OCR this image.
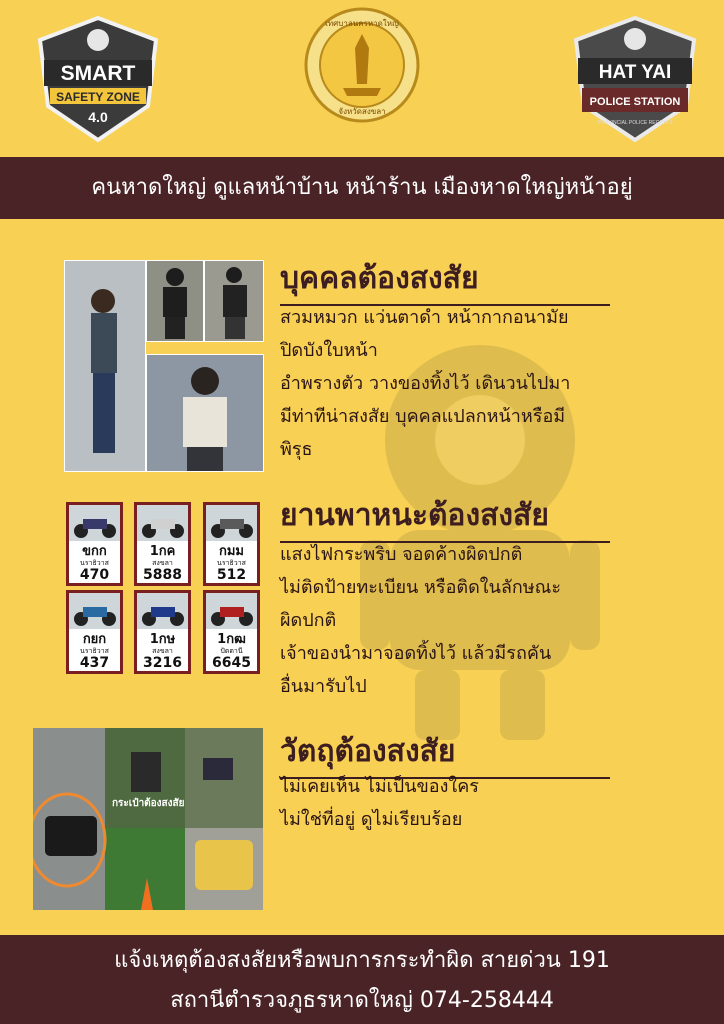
SMART
SAFETY ZONE
4.0
เทศบาลนครหาดใหญ่
จังหวัดสงขลา
HAT YAI
POLICE STATION
PROVINCIAL POLICE REGION 9
คนหาดใหญ่ ดูแลหน้าบ้าน หน้าร้าน เมืองหาดใหญ่หน้าอยู่
บุคคลต้องสงสัย
สวมหมวก แว่นตาดำ หน้ากากอนามัย
ปิดบังใบหน้า
อำพรางตัว วางของทิ้งไว้ เดินวนไปมา
มีท่าทีน่าสงสัย บุคคลแปลกหน้าหรือมี
พิรุธ
ขกก
นราธิวาส
470
1กค
สงขลา
5888
กมม
นราธิวาส
512
กยก
นราธิวาส
437
1กษ
สงขลา
3216
1กฒ
ปัตตานี
6645
ยานพาหนะต้องสงสัย
แสงไฟกระพริบ จอดค้างผิดปกติ
ไม่ติดป้ายทะเบียน หรือติดในลักษณะ
ผิดปกติ
เจ้าของนำมาจอดทิ้งไว้ แล้วมีรถคัน
อื่นมารับไป
กระเป๋าต้องสงสัย
วัตถุต้องสงสัย
ไม่เคยเห็น ไม่เป็นของใคร
ไม่ใช่ที่อยู่ ดูไม่เรียบร้อย
แจ้งเหตุต้องสงสัยหรือพบการกระทำผิด สายด่วน 191
สถานีตำรวจภูธรหาดใหญ่ 074-258444
